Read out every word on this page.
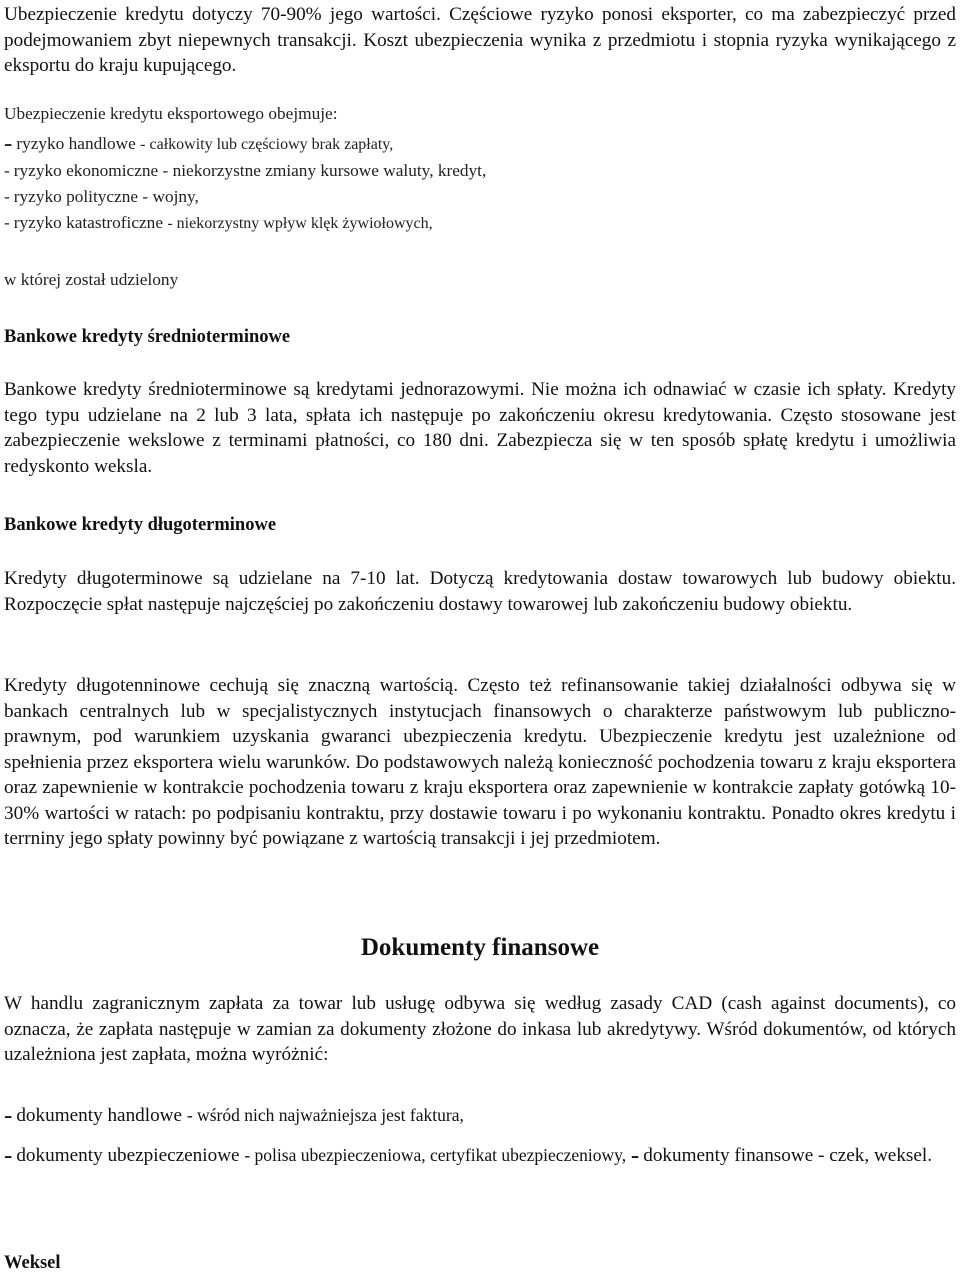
Ubezpieczenie kredytu dotyczy 70-90% jego wartości. Częściowe ryzyko ponosi eksporter, co ma zabezpieczyć przed podejmowaniem zbyt niepewnych transakcji. Koszt ubezpieczenia wynika z przedmiotu i stopnia ryzyka wynikającego z eksportu do kraju kupującego.

Ubezpieczenie kredytu eksportowego obejmuje:

- ryzyko handlowe - całkowity lub częściowy brak zapłaty,

- ryzyko ekonomiczne - niekorzystne zmiany kursowe waluty, kredyt,

- ryzyko polityczne - wojny,

- ryzyko katastroficzne - niekorzystny wpływ klęk żywiołowych,

w której został udzielony

Bankowe kredyty średnioterminowe

Bankowe kredyty średnioterminowe są kredytami jednorazowymi. Nie można ich odnawiać w czasie ich spłaty. Kredyty tego typu udzielane na 2 lub 3 lata, spłata ich następuje po zakończeniu okresu kredytowania. Często stosowane jest zabezpieczenie wekslowe z terminami płatności, co 180 dni. Zabezpiecza się w ten sposób spłatę kredytu i umożliwia redyskonto weksla.

Bankowe kredyty długoterminowe

Kredyty długoterminowe są udzielane na 7-10 lat. Dotyczą kredytowania dostaw towarowych lub budowy obiektu. Rozpoczęcie spłat następuje najczęściej po zakończeniu dostawy towarowej lub zakończeniu budowy obiektu.

Kredyty długotenninowe cechują się znaczną wartością. Często też refinansowanie takiej działalności odbywa się w bankach centralnych lub w specjalistycznych instytucjach finansowych o charakterze państwowym lub publiczno-prawnym, pod warunkiem uzyskania gwaranci ubezpieczenia kredytu. Ubezpieczenie kredytu jest uzależnione od spełnienia przez eksportera wielu warunków. Do podstawowych należą konieczność pochodzenia towaru z kraju eksportera oraz zapewnienie w kontrakcie pochodzenia towaru z kraju eksportera oraz zapewnienie w kontrakcie zapłaty gotówką 10-30% wartości w ratach: po podpisaniu kontraktu, przy dostawie towaru i po wykonaniu kontraktu. Ponadto okres kredytu i terrniny jego spłaty powinny być powiązane z wartością transakcji i jej przedmiotem.

Dokumenty finansowe

W handlu zagranicznym zapłata za towar lub usługę odbywa się według zasady CAD (cash against documents), co oznacza, że zapłata następuje w zamian za dokumenty złożone do inkasa lub akredytywy. Wśród dokumentów, od których uzależniona jest zapłata, można wyróżnić:

- dokumenty handlowe - wśród nich najważniejsza jest faktura,

- dokumenty ubezpieczeniowe - polisa ubezpieczeniowa, certyfikat ubezpieczeniowy, - dokumenty finansowe - czek, weksel.

Weksel
